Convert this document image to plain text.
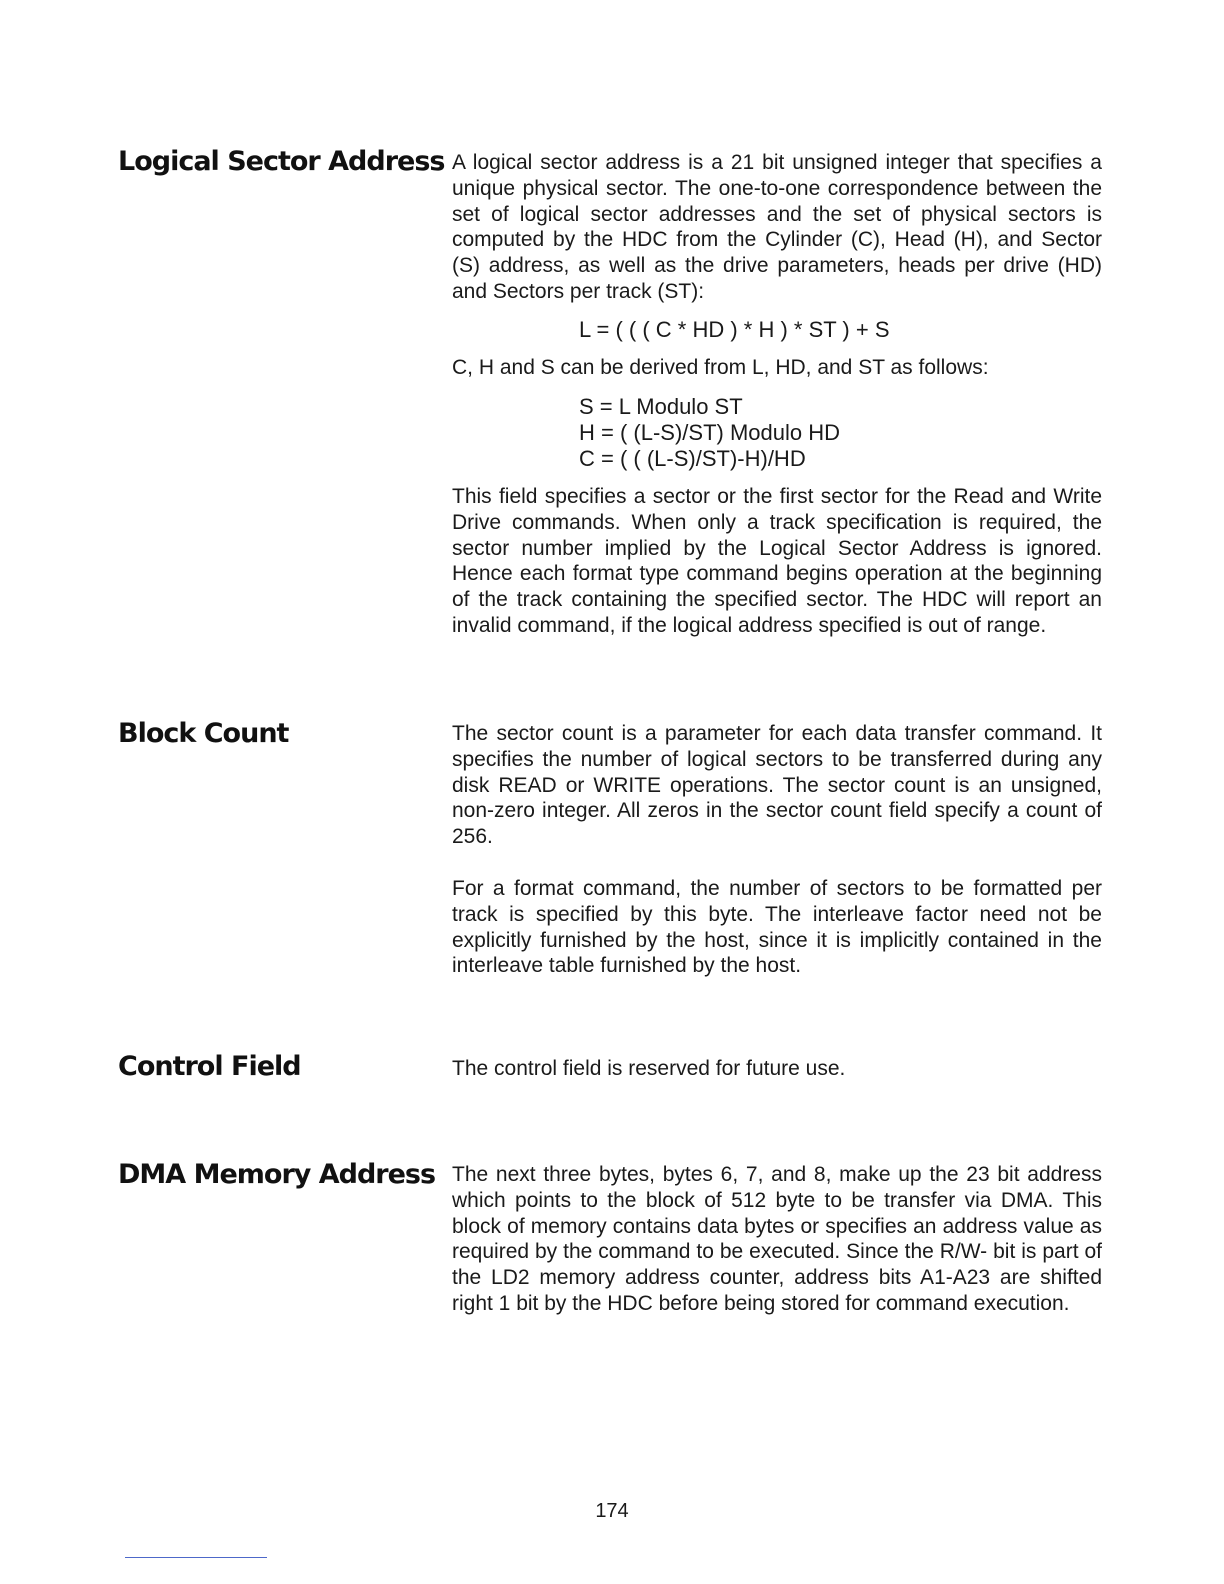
Logical Sector Address A logical sector address is a 21 bit unsigned integer that specifies a unique physical sector. The one-to-one correspondence between the set of logical sector addresses and the set of physical sectors is computed by the HDC from the Cylinder (C), Head (H), and Sector (S) address, as well as the drive parameters, heads per drive (HD) and Sectors per track (ST):

L = ( ( ( C * HD ) * H ) * ST ) + S

C, H and S can be derived from L, HD, and ST as follows:

S = L Modulo ST
H = ( (L-S)/ST) Modulo HD
C = ( ( (L-S)/ST)-H)/HD

This field specifies a sector or the first sector for the Read and Write Drive commands. When only a track specification is required, the sector number implied by the Logical Sector Address is ignored. Hence each format type command begins operation at the beginning of the track containing the specified sector. The HDC will report an invalid command, if the logical address specified is out of range.

Block Count	The sector count is a parameter for each data transfer command. It specifies the number of logical sectors to be transferred during any disk READ or WRITE operations. The sector count is an unsigned, non-zero integer. All zeros in the sector count field specify a count of 256.

For a format command, the number of sectors to be formatted per track is specified by this byte. The interleave factor need not be explicitly furnished by the host, since it is implicitly contained in the interleave table furnished by the host.

Control Field	The control field is reserved for future use.

DMA Memory Address The next three bytes, bytes 6, 7, and 8, make up the 23 bit address which points to the block of 512 byte to be transfer via DMA. This block of memory contains data bytes or specifies an address value as required by the command to be executed. Since the R/W- bit is part of the LD2 memory address counter, address bits A1-A23 are shifted right 1 bit by the HDC before being stored for command execution.

174
